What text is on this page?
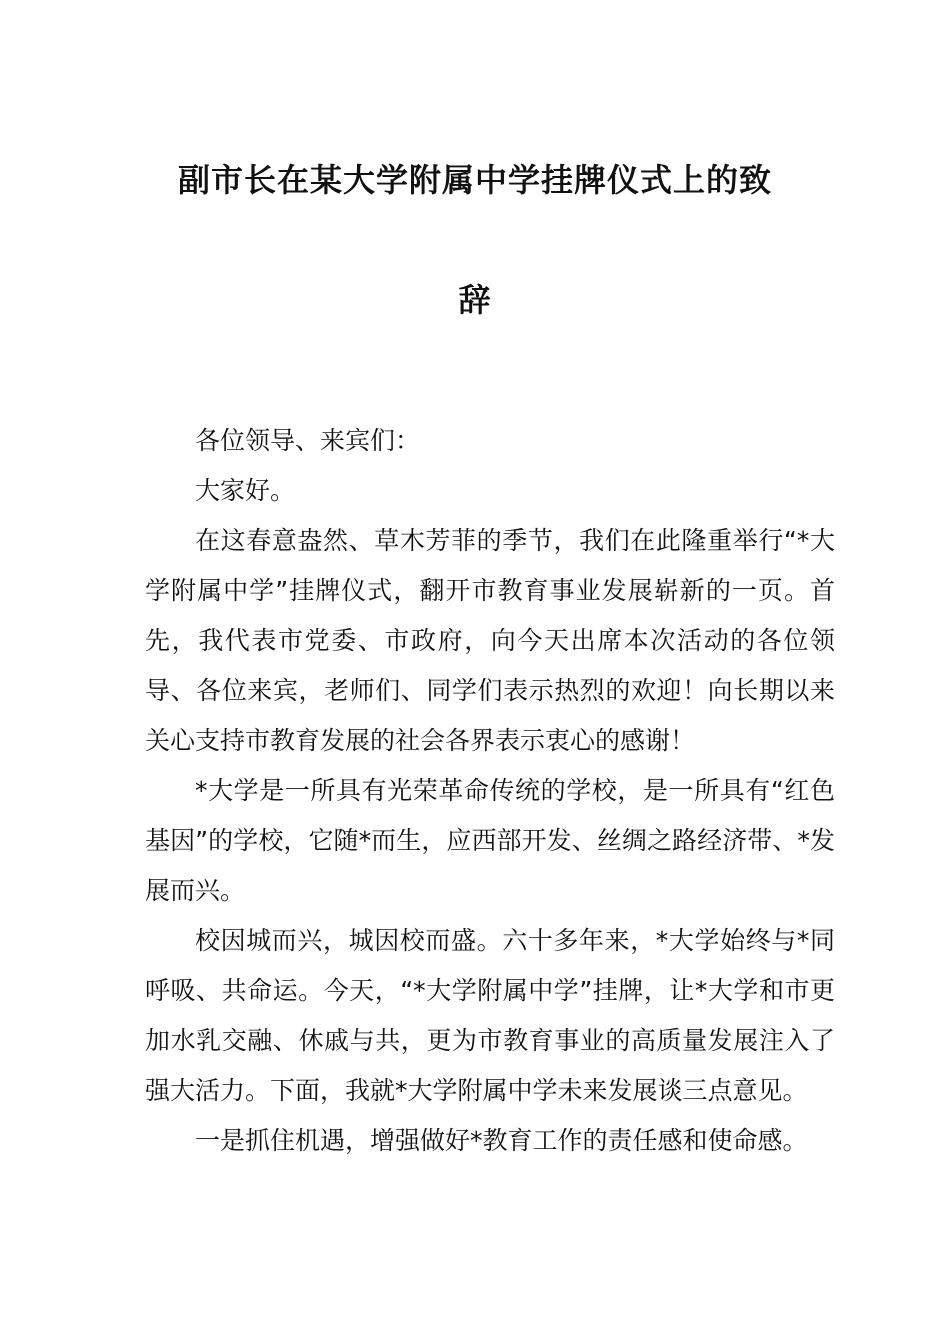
副市长在某大学附属中学挂牌仪式上的致
辞

各位领导、来宾们：

大家好。

在这春意盎然、草木芳菲的季节，我们在此隆重举行“*大学附属中学”挂牌仪式，翻开市教育事业发展崭新的一页。首先，我代表市党委、市政府，向今天出席本次活动的各位领导、各位来宾，老师们、同学们表示热烈的欢迎！向长期以来关心支持市教育发展的社会各界表示衷心的感谢！

*大学是一所具有光荣革命传统的学校，是一所具有“红色基因”的学校，它随*而生，应西部开发、丝绸之路经济带、*发展而兴。

校因城而兴，城因校而盛。六十多年来，*大学始终与*同呼吸、共命运。今天，“*大学附属中学”挂牌，让*大学和市更加水乳交融、休戚与共，更为市教育事业的高质量发展注入了强大活力。下面，我就*大学附属中学未来发展谈三点意见。

一是抓住机遇，增强做好*教育工作的责任感和使命感。
